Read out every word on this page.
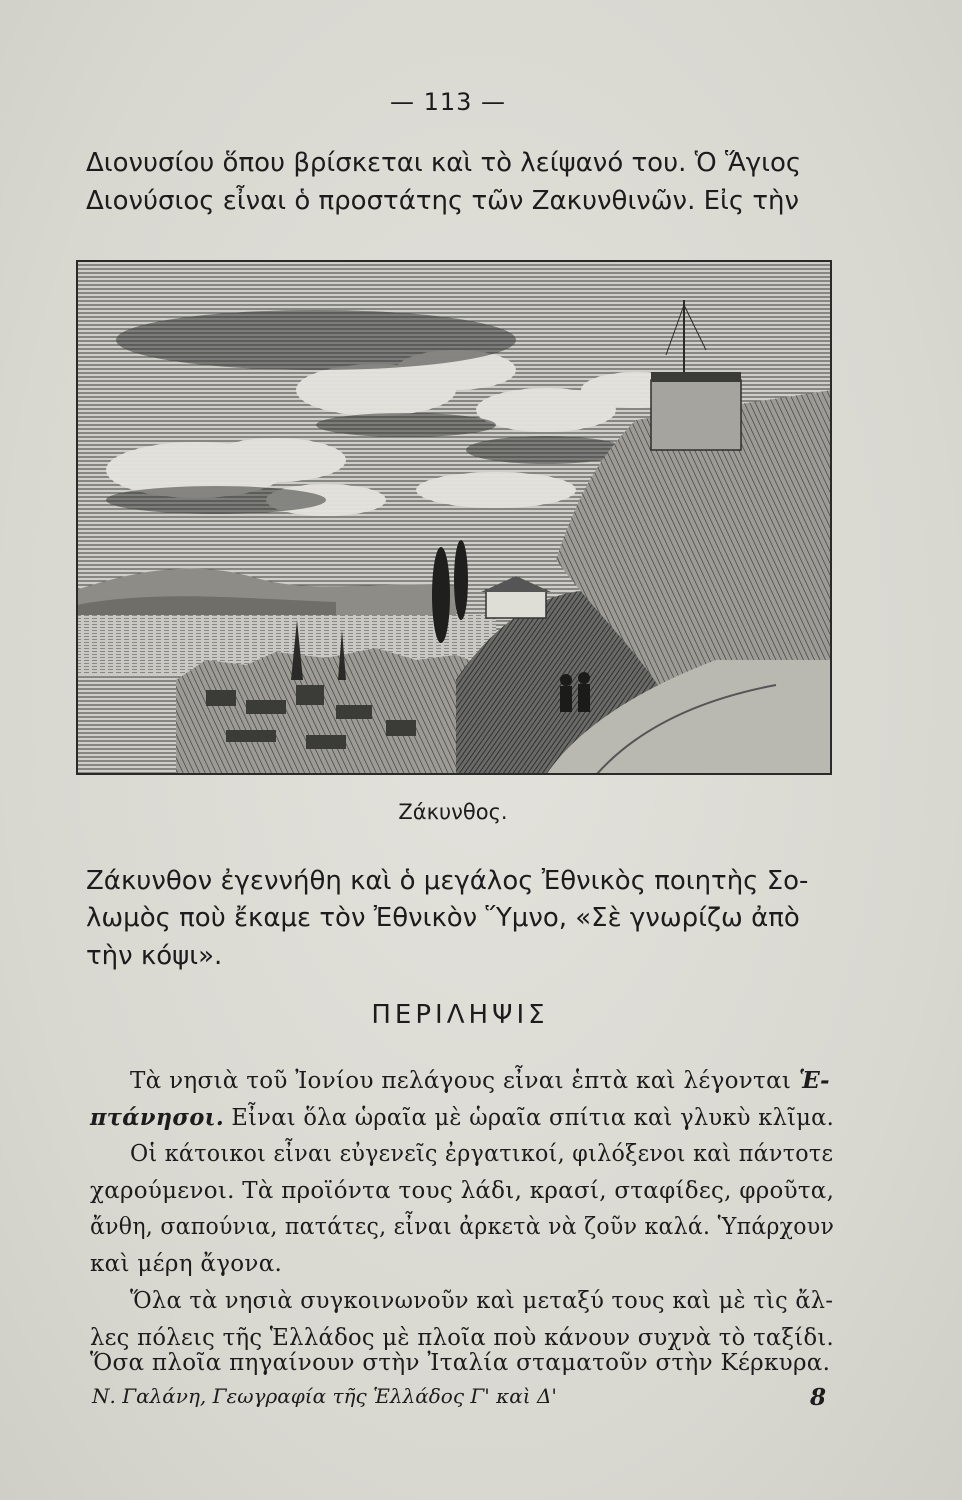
— 113 —
Διονυσίου ὅπου βρίσκεται καὶ τὸ λείψανό του. Ὁ Ἅγιος
Διονύσιος εἶναι ὁ προστάτης τῶν Ζακυνθινῶν. Εἰς τὴν
Ζάκυνθος.
Ζάκυνθον ἐγεννήθη καὶ ὁ μεγάλος Ἐθνικὸς ποιητὴς Σο-
λωμὸς ποὺ ἔκαμε τὸν Ἐθνικὸν Ὕμνο, «Σὲ γνωρίζω ἀπὸ
τὴν κόψι».
ΠΕΡΙΛΗΨΙΣ
Τὰ νησιὰ τοῦ Ἰονίου πελάγους εἶναι ἑπτὰ καὶ λέγονται Ἑ-
πτάνησοι. Εἶναι ὅλα ὡραῖα μὲ ὡραῖα σπίτια καὶ γλυκὺ κλῖμα.
Οἱ κάτοικοι εἶναι εὐγενεῖς ἐργατικοί, φιλόξενοι καὶ πάντοτε
χαρούμενοι. Τὰ προϊόντα τους λάδι, κρασί, σταφίδες, φροῦτα,
ἄνθη, σαπούνια, πατάτες, εἶναι ἀρκετὰ νὰ ζοῦν καλά. Ὑπάρχουν
καὶ μέρη ἄγονα.
Ὅλα τὰ νησιὰ συγκοινωνοῦν καὶ μεταξύ τους καὶ μὲ τὶς ἄλ-
λες πόλεις τῆς Ἑλλάδος μὲ πλοῖα ποὺ κάνουν συχνὰ τὸ ταξίδι.
Ὅσα πλοῖα πηγαίνουν στὴν Ἰταλία σταματοῦν στὴν Κέρκυρα.
Ν. Γαλάνη, Γεωγραφία τῆς Ἑλλάδος Γ' καὶ Δ'	8
